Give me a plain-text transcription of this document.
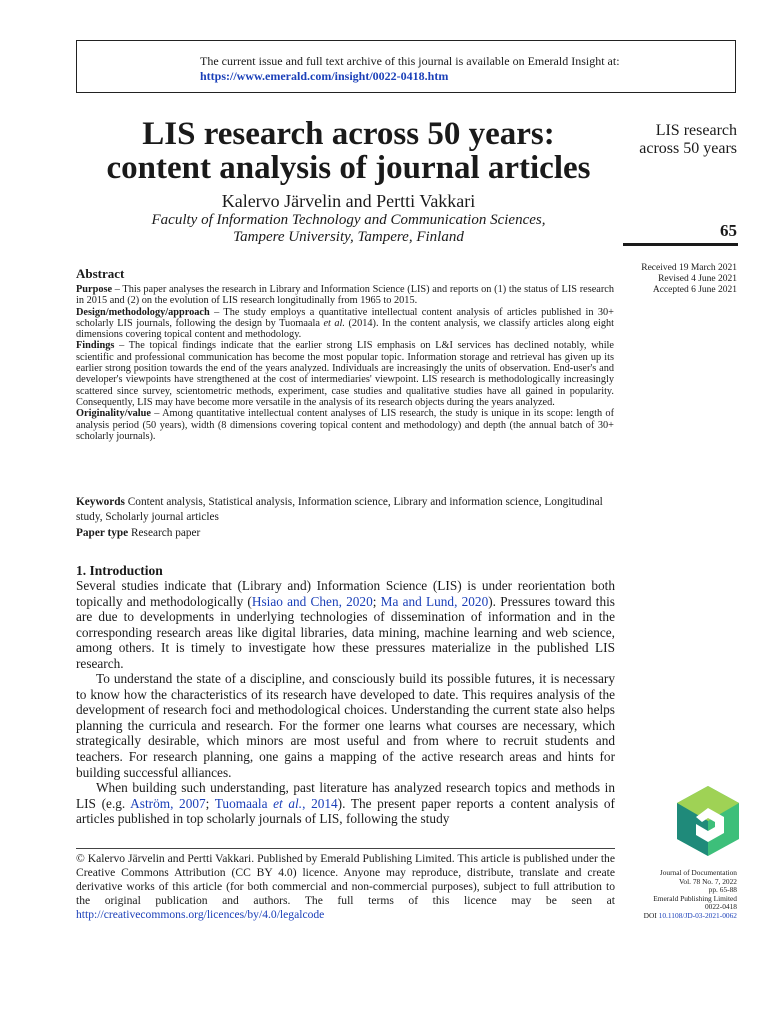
The current issue and full text archive of this journal is available on Emerald Insight at:
https://www.emerald.com/insight/0022-0418.htm
LIS research across 50 years:
content analysis of journal articles
Kalervo Järvelin and Pertti Vakkari
Faculty of Information Technology and Communication Sciences,
Tampere University, Tampere, Finland
LIS research
across 50 years
65
Received 19 March 2021
Revised 4 June 2021
Accepted 6 June 2021
Abstract

Purpose – This paper analyses the research in Library and Information Science (LIS) and reports on (1) the status of LIS research in 2015 and (2) on the evolution of LIS research longitudinally from 1965 to 2015.

Design/methodology/approach – The study employs a quantitative intellectual content analysis of articles published in 30+ scholarly LIS journals, following the design by Tuomaala et al. (2014). In the content analysis, we classify articles along eight dimensions covering topical content and methodology.

Findings – The topical findings indicate that the earlier strong LIS emphasis on L&I services has declined notably, while scientific and professional communication has become the most popular topic. Information storage and retrieval has given up its earlier strong position towards the end of the years analyzed. Individuals are increasingly the units of observation. End-user's and developer's viewpoints have strengthened at the cost of intermediaries' viewpoint. LIS research is methodologically increasingly scattered since survey, scientometric methods, experiment, case studies and qualitative studies have all gained in popularity. Consequently, LIS may have become more versatile in the analysis of its research objects during the years analyzed.

Originality/value – Among quantitative intellectual content analyses of LIS research, the study is unique in its scope: length of analysis period (50 years), width (8 dimensions covering topical content and methodology) and depth (the annual batch of 30+ scholarly journals).

Keywords Content analysis, Statistical analysis, Information science, Library and information science, Longitudinal study, Scholarly journal articles

Paper type Research paper
1. Introduction

Several studies indicate that (Library and) Information Science (LIS) is under reorientation both topically and methodologically (Hsiao and Chen, 2020; Ma and Lund, 2020). Pressures toward this are due to developments in underlying technologies of dissemination of information and in the corresponding research areas like digital libraries, data mining, machine learning and web science, among others. It is timely to investigate how these pressures materialize in the published LIS research.

To understand the state of a discipline, and consciously build its possible futures, it is necessary to know how the characteristics of its research have developed to date. This requires analysis of the development of research foci and methodological choices. Understanding the current state also helps planning the curricula and research. For the former one learns what courses are necessary, which strategically desirable, which minors are most useful and from where to recruit students and teachers. For research planning, one gains a mapping of the active research areas and hints for building successful alliances.

When building such understanding, past literature has analyzed research topics and methods in LIS (e.g. Aström, 2007; Tuomaala et al., 2014). The present paper reports a content analysis of articles published in top scholarly journals of LIS, following the study

© Kalervo Järvelin and Pertti Vakkari. Published by Emerald Publishing Limited. This article is published under the Creative Commons Attribution (CC BY 4.0) licence. Anyone may reproduce, distribute, translate and create derivative works of this article (for both commercial and non-commercial purposes), subject to full attribution to the original publication and authors. The full terms of this licence may be seen at http://creativecommons.org/licences/by/4.0/legalcode
Journal of Documentation
Vol. 78 No. 7, 2022
pp. 65-88
Emerald Publishing Limited
0022-0418
DOI 10.1108/JD-03-2021-0062
